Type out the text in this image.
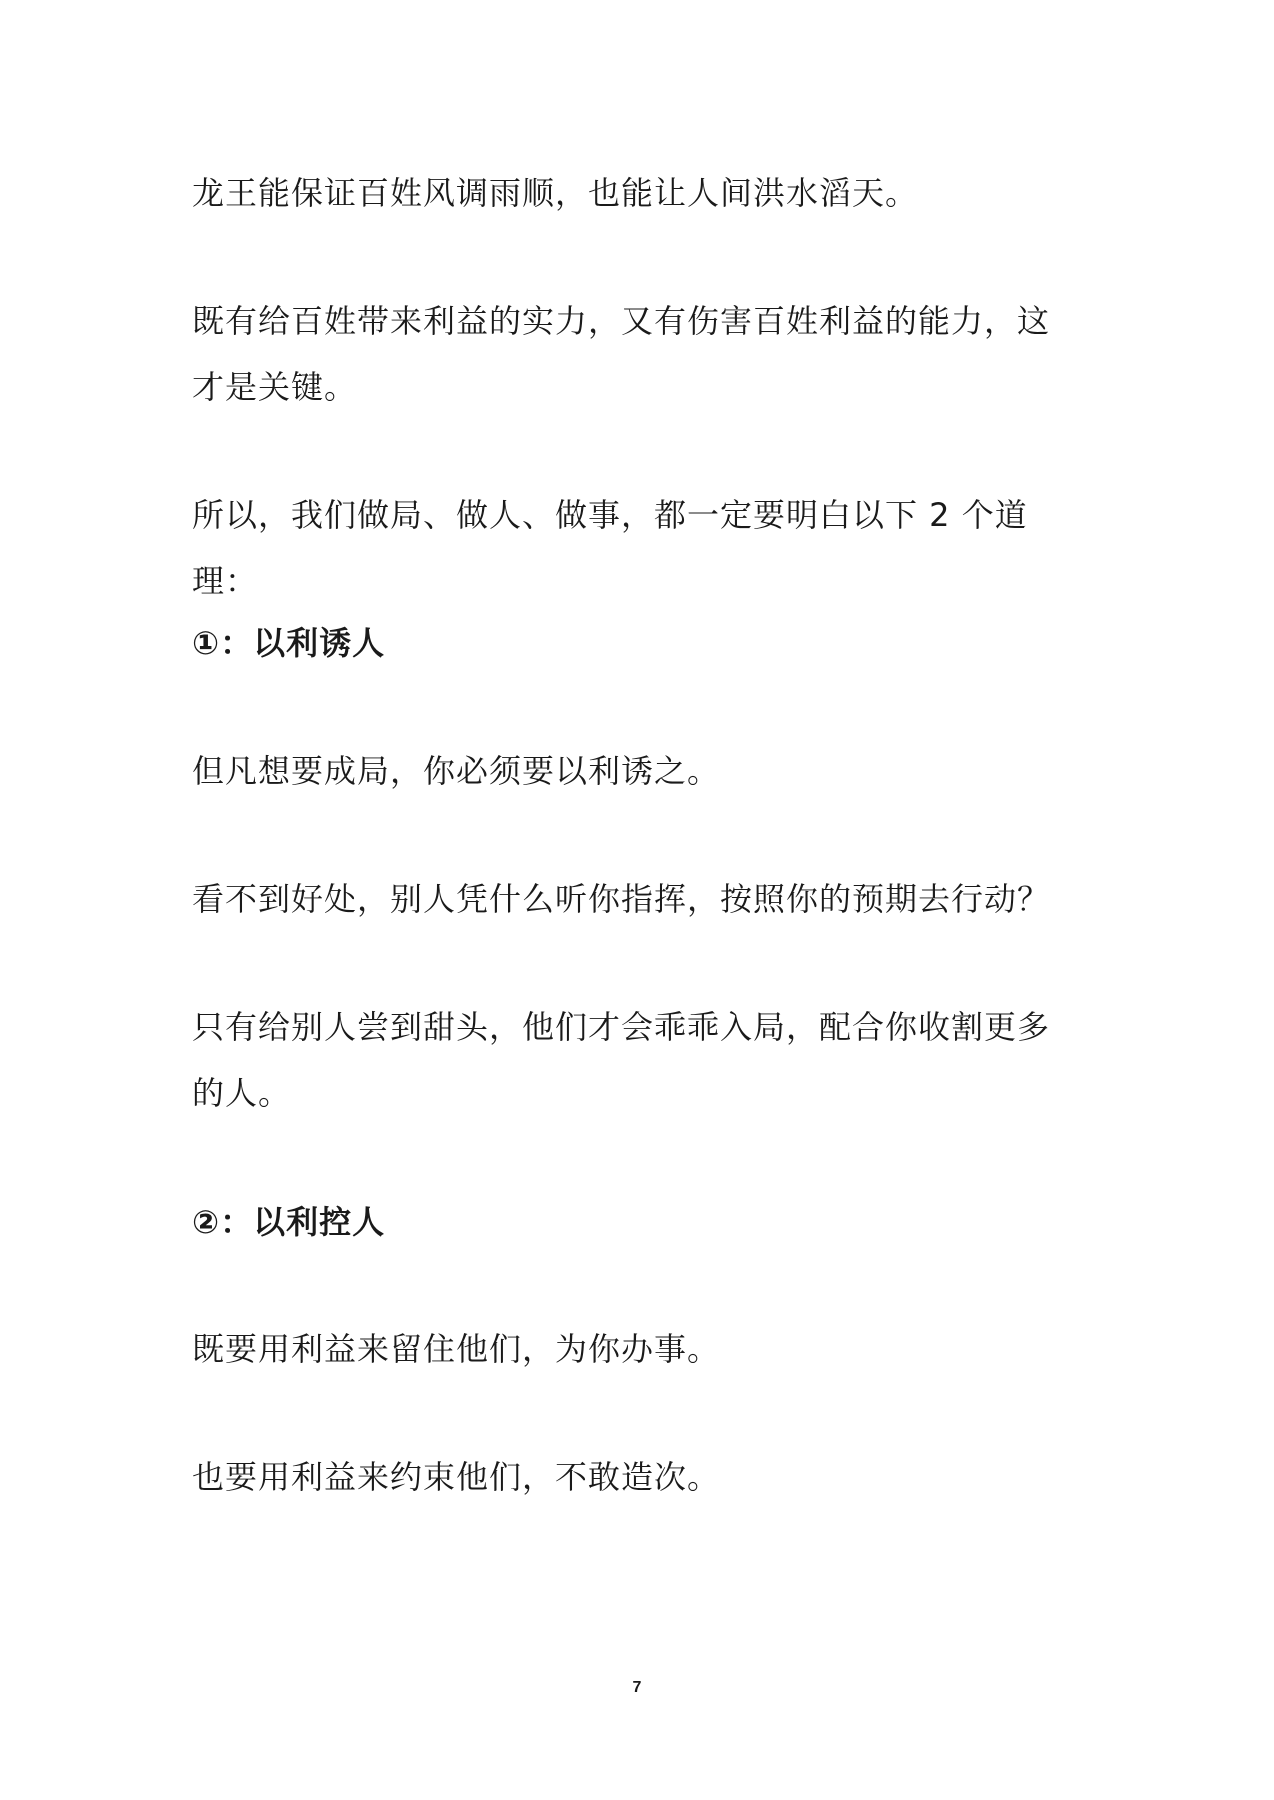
龙王能保证百姓风调雨顺，也能让人间洪水滔天。

既有给百姓带来利益的实力，又有伤害百姓利益的能力，这
才是关键。

所以，我们做局、做人、做事，都一定要明白以下 2 个道理：

①：以利诱人

但凡想要成局，你必须要以利诱之。

看不到好处，别人凭什么听你指挥，按照你的预期去行动？

只有给别人尝到甜头，他们才会乖乖入局，配合你收割更多
的人。

②：以利控人

既要用利益来留住他们，为你办事。

也要用利益来约束他们，不敢造次。

7
